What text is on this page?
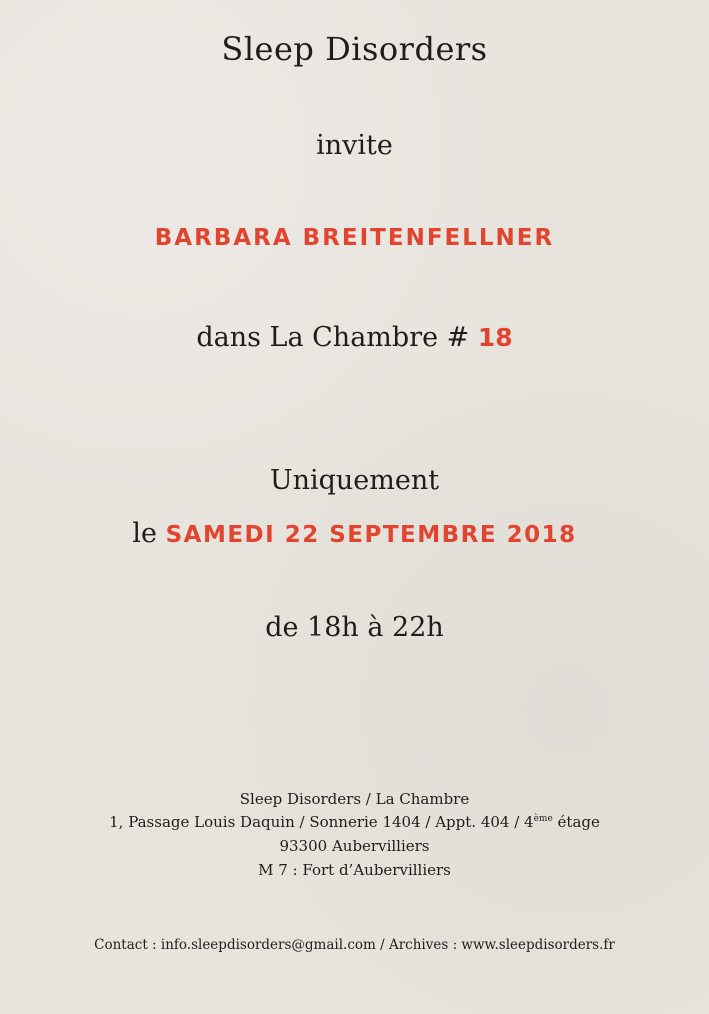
Sleep Disorders
invite
BARBARA BREITENFELLNER
dans La Chambre # 18
Uniquement
le SAMEDI 22 SEPTEMBRE 2018
de 18h à 22h
Sleep Disorders / La Chambre
1, Passage Louis Daquin / Sonnerie 1404 / Appt. 404 / 4ème étage
93300 Aubervilliers
M 7 : Fort d’Aubervilliers
Contact : info.sleepdisorders@gmail.com / Archives : www.sleepdisorders.fr
